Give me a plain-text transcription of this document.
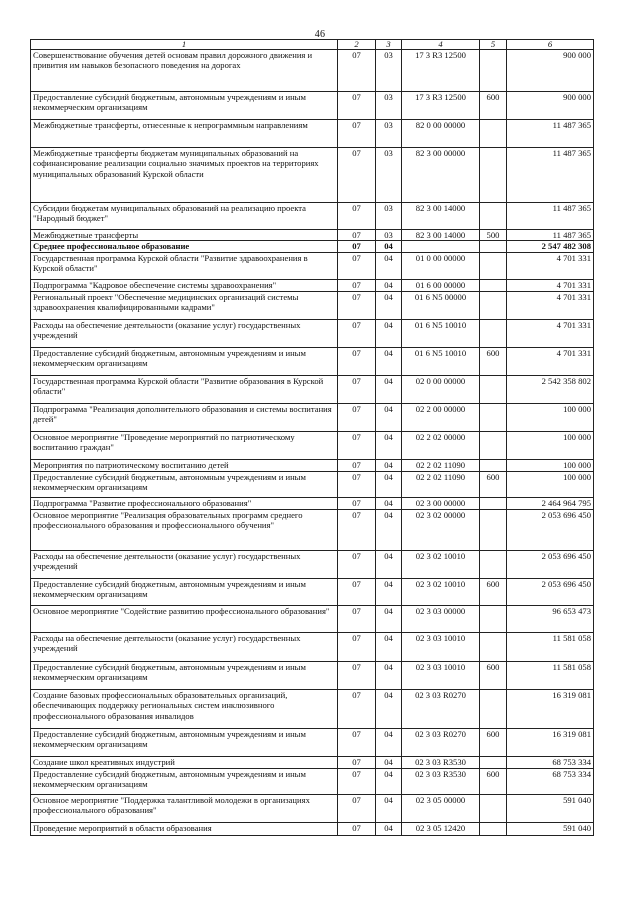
46
1	2	3	4	5	6
Совершенствование обучения детей основам правил дорожного движения и привития им навыков безопасного поведения на дорогах	07	03	17 3 R3 12500		900 000
Предоставление субсидий бюджетным, автономным учреждениям и иным некоммерческим организациям	07	03	17 3 R3 12500	600	900 000
Межбюджетные трансферты, отнесенные к непрограммным направлениям	07	03	82 0 00 00000		11 487 365
Межбюджетные трансферты бюджетам муниципальных образований на софинансирование реализации социально значимых проектов на территориях муниципальных образований Курской области	07	03	82 3 00 00000		11 487 365
Субсидии бюджетам муниципальных образований на реализацию проекта "Народный бюджет"	07	03	82 3 00 14000		11 487 365
Межбюджетные трансферты	07	03	82 3 00 14000	500	11 487 365
Среднее профессиональное образование	07	04			2 547 482 308
Государственная программа Курской области "Развитие здравоохранения в Курской области"	07	04	01 0 00 00000		4 701 331
Подпрограмма "Кадровое обеспечение системы здравоохранения"	07	04	01 6 00 00000		4 701 331
Региональный проект "Обеспечение медицинских организаций системы здравоохранения квалифицированными кадрами"	07	04	01 6 N5 00000		4 701 331
Расходы на обеспечение деятельности (оказание услуг) государственных учреждений	07	04	01 6 N5 10010		4 701 331
Предоставление субсидий бюджетным, автономным учреждениям и иным некоммерческим организациям	07	04	01 6 N5 10010	600	4 701 331
Государственная программа Курской области "Развитие образования в Курской области"	07	04	02 0 00 00000		2 542 358 802
Подпрограмма "Реализация дополнительного образования и системы воспитания детей"	07	04	02 2 00 00000		100 000
Основное мероприятие "Проведение мероприятий по патриотическому воспитанию граждан"	07	04	02 2 02 00000		100 000
Мероприятия по патриотическому воспитанию детей	07	04	02 2 02 11090		100 000
Предоставление субсидий бюджетным, автономным учреждениям и иным некоммерческим организациям	07	04	02 2 02 11090	600	100 000
Подпрограмма "Развитие профессионального образования"	07	04	02 3 00 00000		2 464 964 795
Основное мероприятие "Реализация образовательных программ среднего профессионального образования и профессионального обучения"	07	04	02 3 02 00000		2 053 696 450
Расходы на обеспечение деятельности (оказание услуг) государственных учреждений	07	04	02 3 02 10010		2 053 696 450
Предоставление субсидий бюджетным, автономным учреждениям и иным некоммерческим организациям	07	04	02 3 02 10010	600	2 053 696 450
Основное мероприятие "Содействие развитию профессионального образования"	07	04	02 3 03 00000		96 653 473
Расходы на обеспечение деятельности (оказание услуг) государственных учреждений	07	04	02 3 03 10010		11 581 058
Предоставление субсидий бюджетным, автономным учреждениям и иным некоммерческим организациям	07	04	02 3 03 10010	600	11 581 058
Создание базовых профессиональных образовательных организаций, обеспечивающих поддержку региональных систем инклюзивного профессионального образования инвалидов	07	04	02 3 03 R0270		16 319 081
Предоставление субсидий бюджетным, автономным учреждениям и иным некоммерческим организациям	07	04	02 3 03 R0270	600	16 319 081
Создание школ креативных индустрий	07	04	02 3 03 R3530		68 753 334
Предоставление субсидий бюджетным, автономным учреждениям и иным некоммерческим организациям	07	04	02 3 03 R3530	600	68 753 334
Основное мероприятие "Поддержка талантливой молодежи в организациях профессионального образования"	07	04	02 3 05 00000		591 040
Проведение мероприятий в области образования	07	04	02 3 05 12420		591 040
